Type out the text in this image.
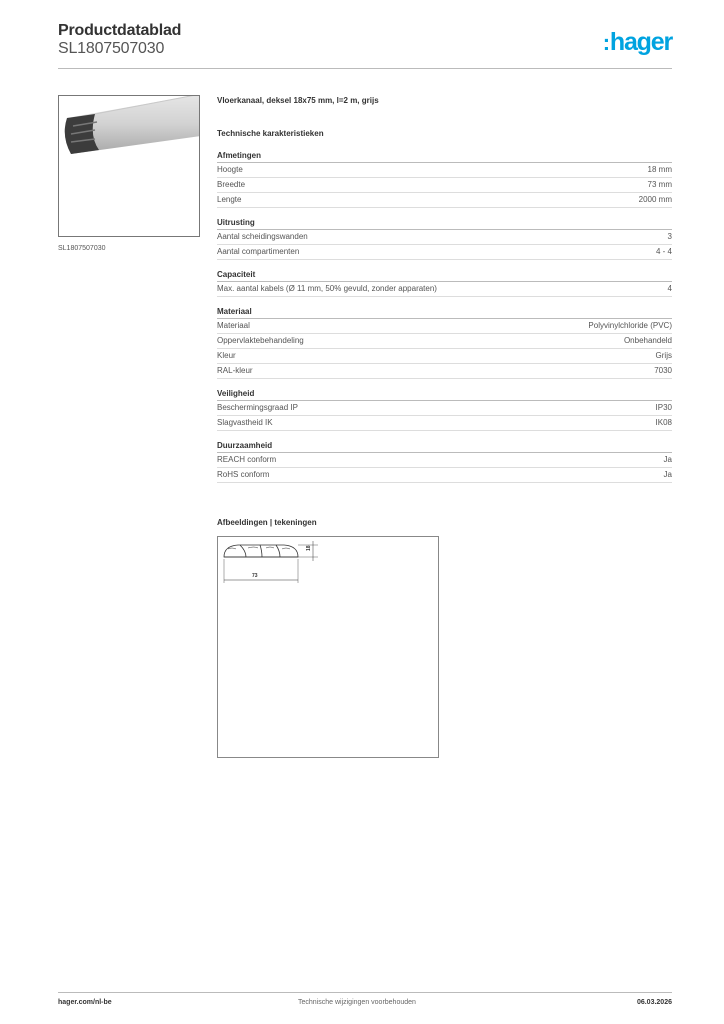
Productdatablad
SL1807507030	:hager
SL1807507030
Vloerkanaal, deksel 18x75 mm, l=2 m, grijs
Technische karakteristieken
Afmetingen
Hoogte	18 mm
Breedte	73 mm
Lengte	2000 mm
Uitrusting
Aantal scheidingswanden	3
Aantal compartimenten	4 - 4
Capaciteit
Max. aantal kabels (Ø 11 mm, 50% gevuld, zonder apparaten)	4
Materiaal
Materiaal	Polyvinylchloride (PVC)
Oppervlaktebehandeling	Onbehandeld
Kleur	Grijs
RAL-kleur	7030
Veiligheid
Beschermingsgraad IP	IP30
Slagvastheid IK	IK08
Duurzaamheid
REACH conform	Ja
RoHS conform	Ja
Afbeeldingen | tekeningen
73
18
hager.com/nl-be	Technische wijzigingen voorbehouden	06.03.2026
